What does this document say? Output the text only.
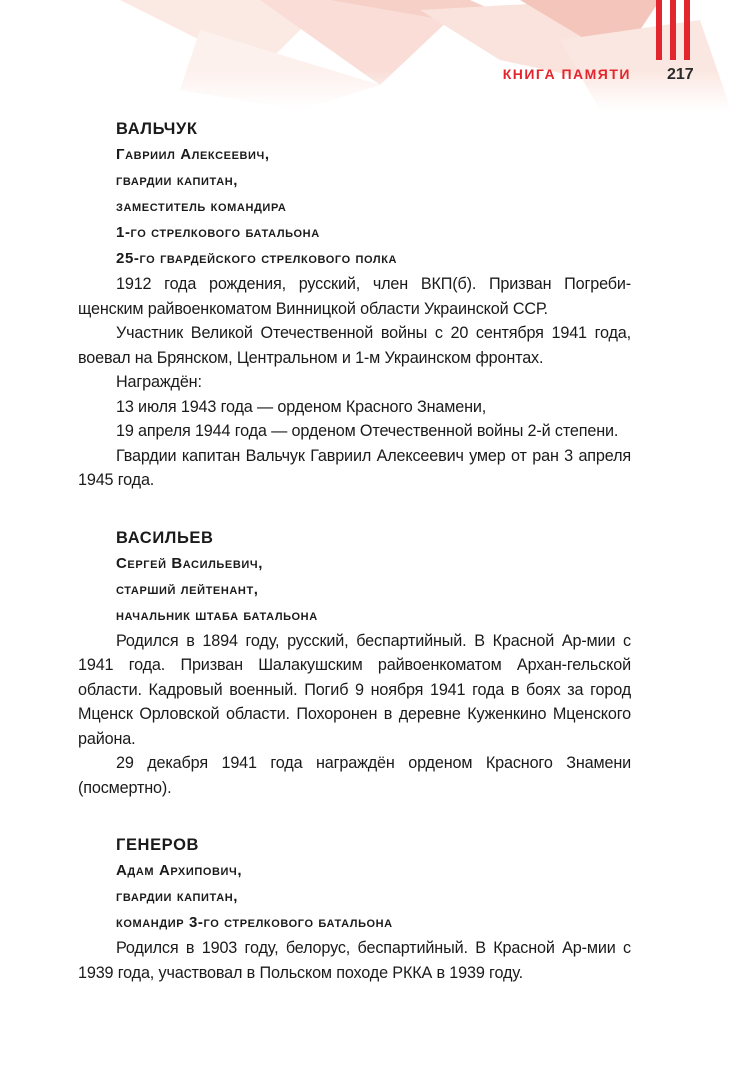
КНИГА ПАМЯТИ 217

ВАЛЬЧУК

Гавриил Алексеевич,

гвардии капитан,

заместитель командира

1-го стрелкового батальона

25-го гвардейского стрелкового полка

1912 года рождения, русский, член ВКП(б). Призван Погреби-щенским райвоенкоматом Винницкой области Украинской ССР.

Участник Великой Отечественной войны с 20 сентября 1941 года, воевал на Брянском, Центральном и 1-м Украинском фронтах.

Награждён:

13 июля 1943 года — орденом Красного Знамени,

19 апреля 1944 года — орденом Отечественной войны 2-й степени.

Гвардии капитан Вальчук Гавриил Алексеевич умер от ран 3 апреля 1945 года.

ВАСИЛЬЕВ

Сергей Васильевич,

старший лейтенант,

начальник штаба батальона

Родился в 1894 году, русский, беспартийный. В Красной Ар-мии с 1941 года. Призван Шалакушским райвоенкоматом Архан-гельской области. Кадровый военный. Погиб 9 ноября 1941 года в боях за город Мценск Орловской области. Похоронен в деревне Куженкино Мценского района.

29 декабря 1941 года награждён орденом Красного Знамени (посмертно).

ГЕНЕРОВ

Адам Архипович,

гвардии капитан,

командир 3-го стрелкового батальона

Родился в 1903 году, белорус, беспартийный. В Красной Ар-мии с 1939 года, участвовал в Польском походе РККА в 1939 году.
